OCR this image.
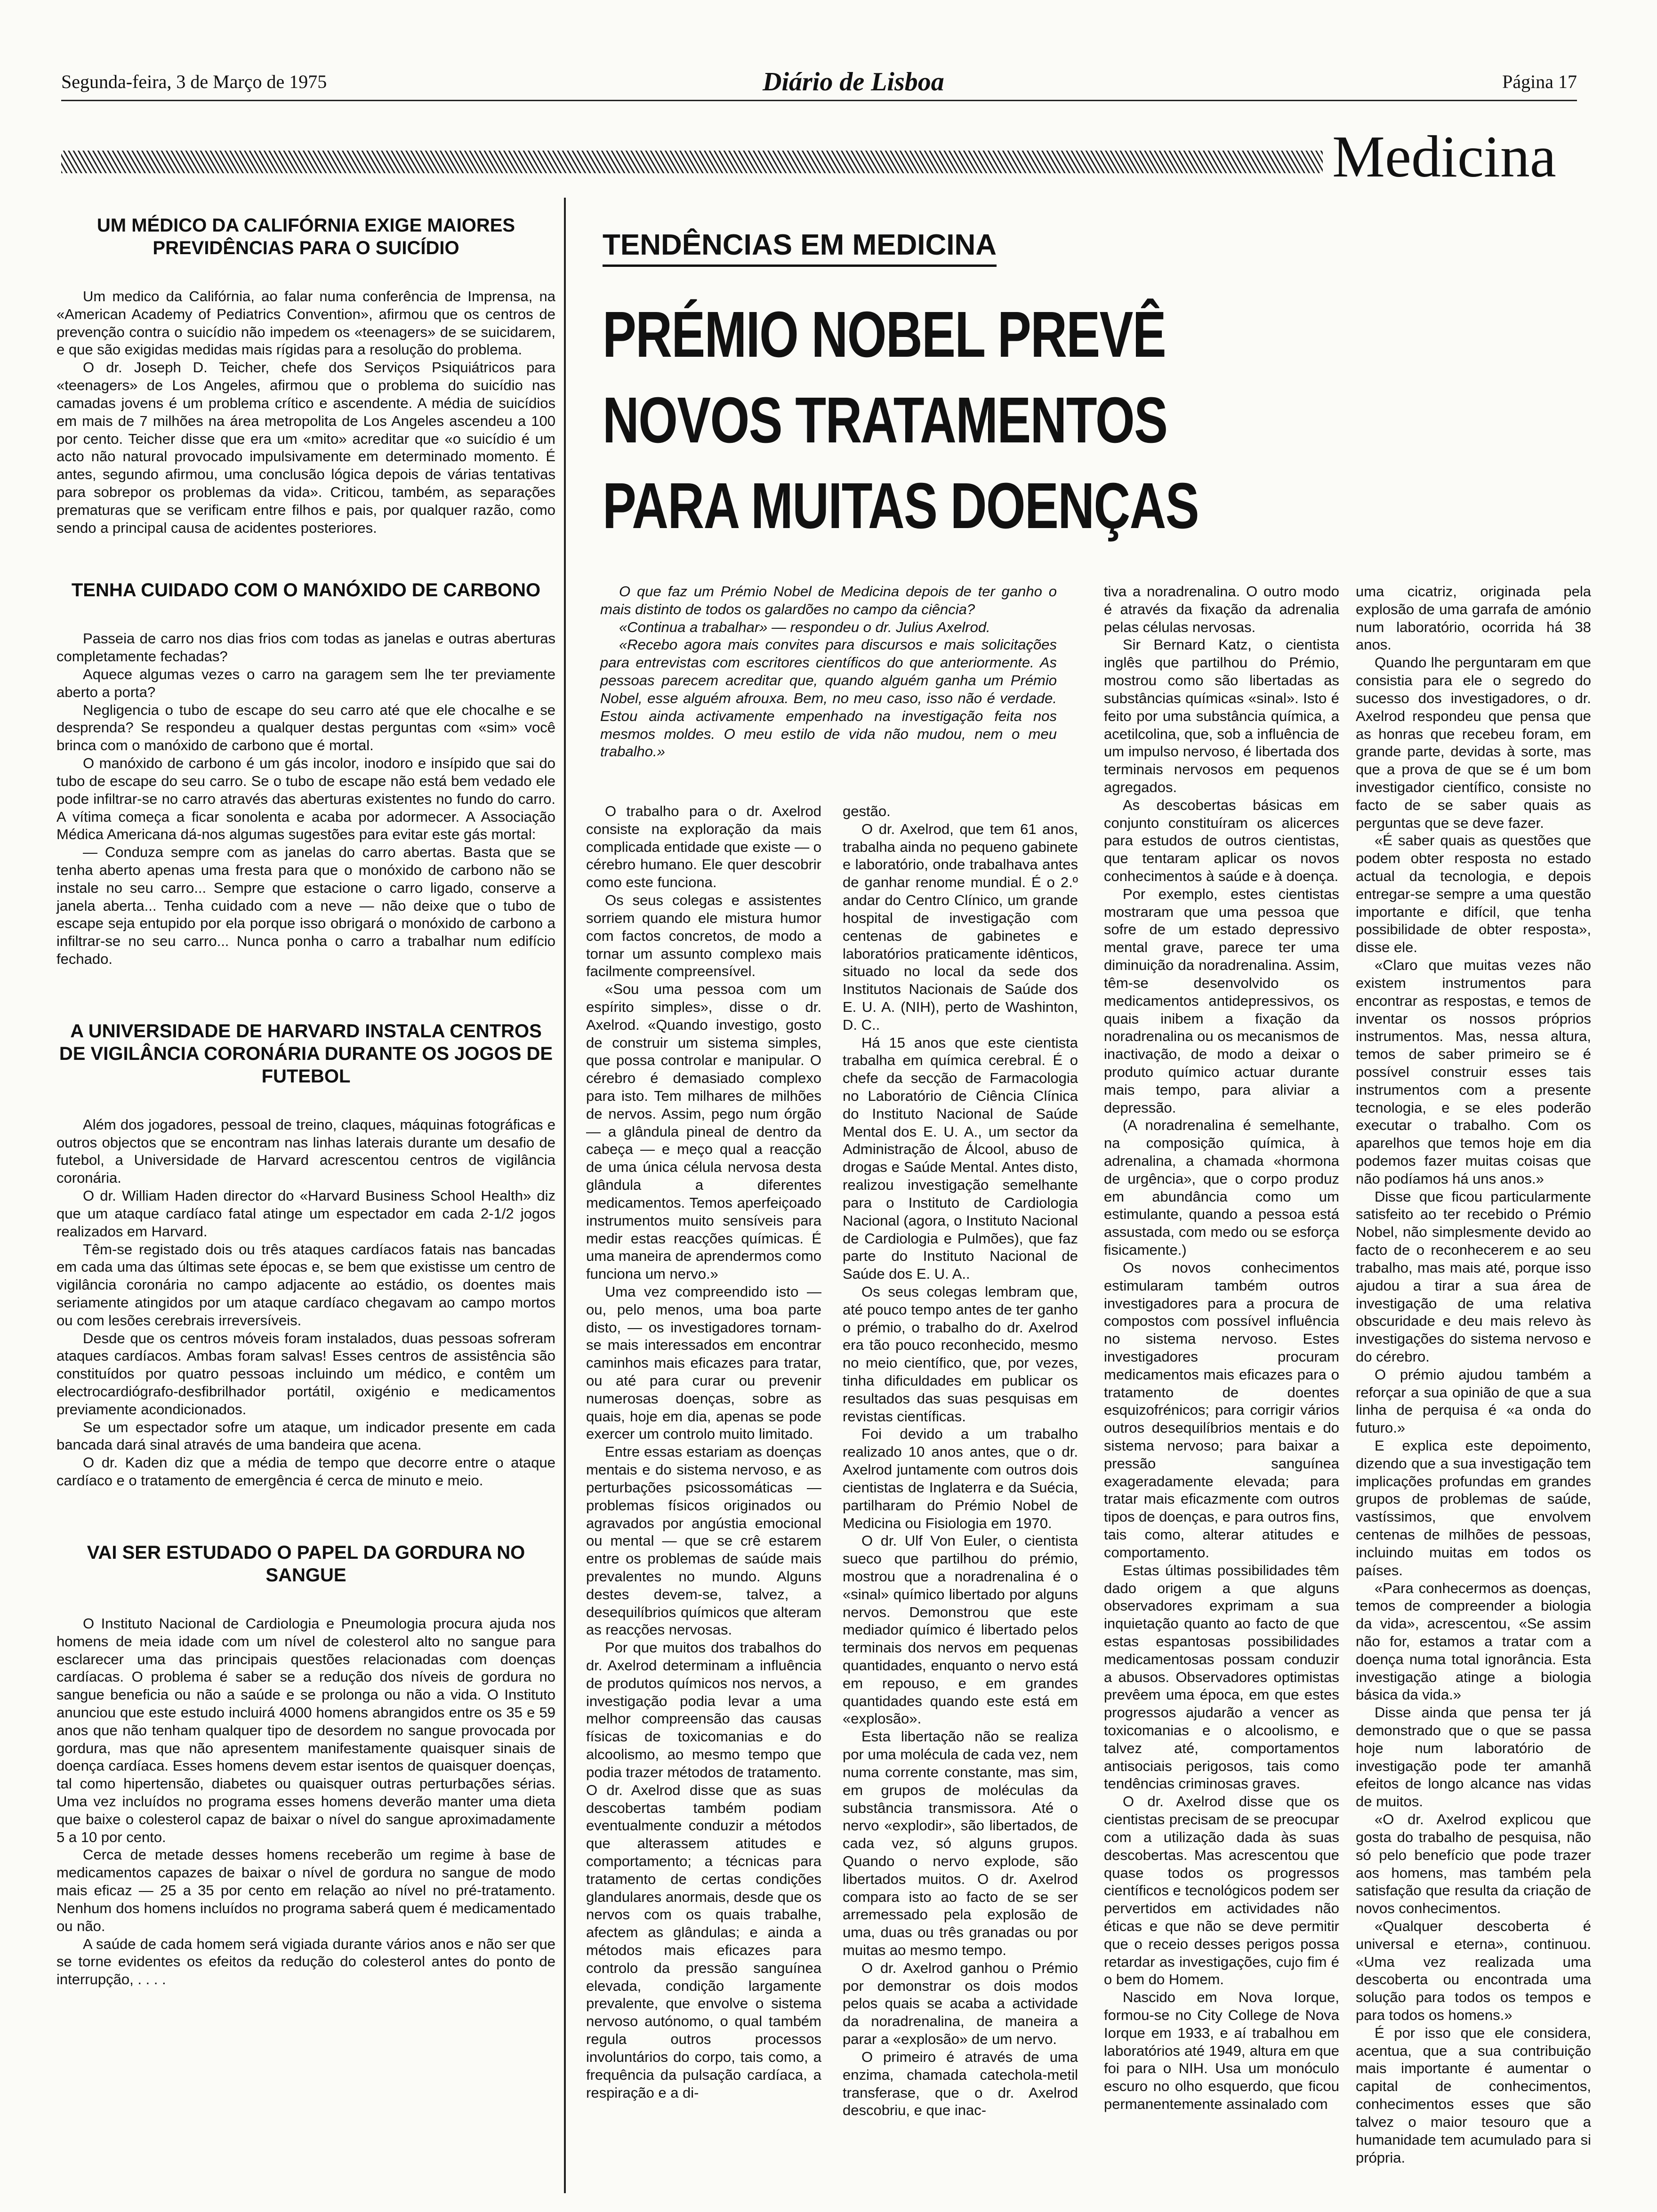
Segunda-feira, 3 de Março de 1975	Diário de Lisboa	Página 17
Medicina
UM MÉDICO DA CALIFÓRNIA EXIGE MAIORES PREVIDÊNCIAS PARA O SUICÍDIO

Um medico da Califórnia, ao falar numa conferência de Imprensa, na «American Academy of Pediatrics Convention», afirmou que os centros de prevenção contra o suicídio não impedem os «teenagers» de se suicidarem, e que são exigidas medidas mais rígidas para a resolução do problema.

O dr. Joseph D. Teicher, chefe dos Serviços Psiquiátricos para «teenagers» de Los Angeles, afirmou que o problema do suicídio nas camadas jovens é um problema crítico e ascendente. A média de suicídios em mais de 7 milhões na área metropolita de Los Angeles ascendeu a 100 por cento. Teicher disse que era um «mito» acreditar que «o suicídio é um acto não natural provocado impulsivamente em determinado momento. É antes, segundo afirmou, uma conclusão lógica depois de várias tentativas para sobrepor os problemas da vida». Criticou, também, as separações prematuras que se verificam entre filhos e pais, por qualquer razão, como sendo a principal causa de acidentes posteriores.

TENHA CUIDADO COM O MANÓXIDO DE CARBONO

Passeia de carro nos dias frios com todas as janelas e outras aberturas completamente fechadas?

Aquece algumas vezes o carro na garagem sem lhe ter previamente aberto a porta?

Negligencia o tubo de escape do seu carro até que ele chocalhe e se desprenda? Se respondeu a qualquer destas perguntas com «sim» você brinca com o manóxido de carbono que é mortal.

O manóxido de carbono é um gás incolor, inodoro e insípido que sai do tubo de escape do seu carro. Se o tubo de escape não está bem vedado ele pode infiltrar-se no carro através das aberturas existentes no fundo do carro. A vítima começa a ficar sonolenta e acaba por adormecer. A Associação Médica Americana dá-nos algumas sugestões para evitar este gás mortal:

— Conduza sempre com as janelas do carro abertas. Basta que se tenha aberto apenas uma fresta para que o monóxido de carbono não se instale no seu carro... Sempre que estacione o carro ligado, conserve a janela aberta... Tenha cuidado com a neve — não deixe que o tubo de escape seja entupido por ela porque isso obrigará o monóxido de carbono a infiltrar-se no seu carro... Nunca ponha o carro a trabalhar num edifício fechado.

A UNIVERSIDADE DE HARVARD INSTALA CENTROS DE VIGILÂNCIA CORONÁRIA DURANTE OS JOGOS DE FUTEBOL

Além dos jogadores, pessoal de treino, claques, máquinas fotográficas e outros objectos que se encontram nas linhas laterais durante um desafio de futebol, a Universidade de Harvard acrescentou centros de vigilância coronária.

O dr. William Haden director do «Harvard Business School Health» diz que um ataque cardíaco fatal atinge um espectador em cada 2-1/2 jogos realizados em Harvard.

Têm-se registado dois ou três ataques cardíacos fatais nas bancadas em cada uma das últimas sete épocas e, se bem que existisse um centro de vigilância coronária no campo adjacente ao estádio, os doentes mais seriamente atingidos por um ataque cardíaco chegavam ao campo mortos ou com lesões cerebrais irreversíveis.

Desde que os centros móveis foram instalados, duas pessoas sofreram ataques cardíacos. Ambas foram salvas! Esses centros de assistência são constituídos por quatro pessoas incluindo um médico, e contêm um electrocardiógrafo-desfibrilhador portátil, oxigénio e medicamentos previamente acondicionados.

Se um espectador sofre um ataque, um indicador presente em cada bancada dará sinal através de uma bandeira que acena.

O dr. Kaden diz que a média de tempo que decorre entre o ataque cardíaco e o tratamento de emergência é cerca de minuto e meio.

VAI SER ESTUDADO O PAPEL DA GORDURA NO SANGUE

O Instituto Nacional de Cardiologia e Pneumologia procura ajuda nos homens de meia idade com um nível de colesterol alto no sangue para esclarecer uma das principais questões relacionadas com doenças cardíacas. O problema é saber se a redução dos níveis de gordura no sangue beneficia ou não a saúde e se prolonga ou não a vida. O Instituto anunciou que este estudo incluirá 4000 homens abrangidos entre os 35 e 59 anos que não tenham qualquer tipo de desordem no sangue provocada por gordura, mas que não apresentem manifestamente quaisquer sinais de doença cardíaca. Esses homens devem estar isentos de quaisquer doenças, tal como hipertensão, diabetes ou quaisquer outras perturbações sérias. Uma vez incluídos no programa esses homens deverão manter uma dieta que baixe o colesterol capaz de baixar o nível do sangue aproximadamente 5 a 10 por cento.

Cerca de metade desses homens receberão um regime à base de medicamentos capazes de baixar o nível de gordura no sangue de modo mais eficaz — 25 a 35 por cento em relação ao nível no pré-tratamento. Nenhum dos homens incluídos no programa saberá quem é medicamentado ou não.

A saúde de cada homem será vigiada durante vários anos e não ser que se torne evidentes os efeitos da redução do colesterol antes do ponto de interrupção, . . . .

TENDÊNCIAS EM MEDICINA
PRÉMIO NOBEL PREVÊ
NOVOS TRATAMENTOS
PARA MUITAS DOENÇAS

O que faz um Prémio Nobel de Medicina depois de ter ganho o mais distinto de todos os galardões no campo da ciência?

«Continua a trabalhar» — respondeu o dr. Julius Axelrod.

«Recebo agora mais convites para discursos e mais solicitações para entrevistas com escritores científicos do que anteriormente. As pessoas parecem acreditar que, quando alguém ganha um Prémio Nobel, esse alguém afrouxa. Bem, no meu caso, isso não é verdade. Estou ainda activamente empenhado na investigação feita nos mesmos moldes. O meu estilo de vida não mudou, nem o meu trabalho.»

O trabalho para o dr. Axelrod consiste na exploração da mais complicada entidade que existe — o cérebro humano. Ele quer descobrir como este funciona.

Os seus colegas e assistentes sorriem quando ele mistura humor com factos concretos, de modo a tornar um assunto complexo mais facilmente compreensível.

«Sou uma pessoa com um espírito simples», disse o dr. Axelrod. «Quando investigo, gosto de construir um sistema simples, que possa controlar e manipular. O cérebro é demasiado complexo para isto. Tem milhares de milhões de nervos. Assim, pego num órgão — a glândula pineal de dentro da cabeça — e meço qual a reacção de uma única célula nervosa desta glândula a diferentes medicamentos. Temos aperfeiçoado instrumentos muito sensíveis para medir estas reacções químicas. É uma maneira de aprendermos como funciona um nervo.»

Uma vez compreendido isto — ou, pelo menos, uma boa parte disto, — os investigadores tornam-se mais interessados em encontrar caminhos mais eficazes para tratar, ou até para curar ou prevenir numerosas doenças, sobre as quais, hoje em dia, apenas se pode exercer um controlo muito limitado.

Entre essas estariam as doenças mentais e do sistema nervoso, e as perturbações psicossomáticas — problemas físicos originados ou agravados por angústia emocional ou mental — que se crê estarem entre os problemas de saúde mais prevalentes no mundo. Alguns destes devem-se, talvez, a desequilíbrios químicos que alteram as reacções nervosas.

Por que muitos dos trabalhos do dr. Axelrod determinam a influência de produtos químicos nos nervos, a investigação podia levar a uma melhor compreensão das causas físicas de toxicomanias e do alcoolismo, ao mesmo tempo que podia trazer métodos de tratamento. O dr. Axelrod disse que as suas descobertas também podiam eventualmente conduzir a métodos que alterassem atitudes e comportamento; a técnicas para tratamento de certas condições glandulares anormais, desde que os nervos com os quais trabalhe, afectem as glândulas; e ainda a métodos mais eficazes para controlo da pressão sanguínea elevada, condição largamente prevalente, que envolve o sistema nervoso autónomo, o qual também regula outros processos involuntários do corpo, tais como, a frequência da pulsação cardíaca, a respiração e a di-

gestão.

O dr. Axelrod, que tem 61 anos, trabalha ainda no pequeno gabinete e laboratório, onde trabalhava antes de ganhar renome mundial. É o 2.º andar do Centro Clínico, um grande hospital de investigação com centenas de gabinetes e laboratórios praticamente idênticos, situado no local da sede dos Institutos Nacionais de Saúde dos E. U. A. (NIH), perto de Washinton, D. C..

Há 15 anos que este cientista trabalha em química cerebral. É o chefe da secção de Farmacologia no Laboratório de Ciência Clínica do Instituto Nacional de Saúde Mental dos E. U. A., um sector da Administração de Álcool, abuso de drogas e Saúde Mental. Antes disto, realizou investigação semelhante para o Instituto de Cardiologia Nacional (agora, o Instituto Nacional de Cardiologia e Pulmões), que faz parte do Instituto Nacional de Saúde dos E. U. A..

Os seus colegas lembram que, até pouco tempo antes de ter ganho o prémio, o trabalho do dr. Axelrod era tão pouco reconhecido, mesmo no meio científico, que, por vezes, tinha dificuldades em publicar os resultados das suas pesquisas em revistas científicas.

Foi devido a um trabalho realizado 10 anos antes, que o dr. Axelrod juntamente com outros dois cientistas de Inglaterra e da Suécia, partilharam do Prémio Nobel de Medicina ou Fisiologia em 1970.

O dr. Ulf Von Euler, o cientista sueco que partilhou do prémio, mostrou que a noradrenalina é o «sinal» químico libertado por alguns nervos. Demonstrou que este mediador químico é libertado pelos terminais dos nervos em pequenas quantidades, enquanto o nervo está em repouso, e em grandes quantidades quando este está em «explosão».

Esta libertação não se realiza por uma molécula de cada vez, nem numa corrente constante, mas sim, em grupos de moléculas da substância transmissora. Até o nervo «explodir», são libertados, de cada vez, só alguns grupos. Quando o nervo explode, são libertados muitos. O dr. Axelrod compara isto ao facto de se ser arremessado pela explosão de uma, duas ou três granadas ou por muitas ao mesmo tempo.

O dr. Axelrod ganhou o Prémio por demonstrar os dois modos pelos quais se acaba a actividade da noradrenalina, de maneira a parar a «explosão» de um nervo.

O primeiro é através de uma enzima, chamada catechola-metil transferase, que o dr. Axelrod descobriu, e que inac-

tiva a noradrenalina. O outro modo é através da fixação da adrenalia pelas células nervosas.

Sir Bernard Katz, o cientista inglês que partilhou do Prémio, mostrou como são libertadas as substâncias químicas «sinal». Isto é feito por uma substância química, a acetilcolina, que, sob a influência de um impulso nervoso, é libertada dos terminais nervosos em pequenos agregados.

As descobertas básicas em conjunto constituíram os alicerces para estudos de outros cientistas, que tentaram aplicar os novos conhecimentos à saúde e à doença.

Por exemplo, estes cientistas mostraram que uma pessoa que sofre de um estado depressivo mental grave, parece ter uma diminuição da noradrenalina. Assim, têm-se desenvolvido os medicamentos antidepressivos, os quais inibem a fixação da noradrenalina ou os mecanismos de inactivação, de modo a deixar o produto químico actuar durante mais tempo, para aliviar a depressão.

(A noradrenalina é semelhante, na composição química, à adrenalina, a chamada «hormona de urgência», que o corpo produz em abundância como um estimulante, quando a pessoa está assustada, com medo ou se esforça fisicamente.)

Os novos conhecimentos estimularam também outros investigadores para a procura de compostos com possível influência no sistema nervoso. Estes investigadores procuram medicamentos mais eficazes para o tratamento de doentes esquizofrénicos; para corrigir vários outros desequilíbrios mentais e do sistema nervoso; para baixar a pressão sanguínea exageradamente elevada; para tratar mais eficazmente com outros tipos de doenças, e para outros fins, tais como, alterar atitudes e comportamento.

Estas últimas possibilidades têm dado origem a que alguns observadores exprimam a sua inquietação quanto ao facto de que estas espantosas possibilidades medicamentosas possam conduzir a abusos. Observadores optimistas prevêem uma época, em que estes progressos ajudarão a vencer as toxicomanias e o alcoolismo, e talvez até, comportamentos antisociais perigosos, tais como tendências criminosas graves.

O dr. Axelrod disse que os cientistas precisam de se preocupar com a utilização dada às suas descobertas. Mas acrescentou que quase todos os progressos científicos e tecnológicos podem ser pervertidos em actividades não éticas e que não se deve permitir que o receio desses perigos possa retardar as investigações, cujo fim é o bem do Homem.

Nascido em Nova Iorque, formou-se no City College de Nova Iorque em 1933, e aí trabalhou em laboratórios até 1949, altura em que foi para o NIH. Usa um monóculo escuro no olho esquerdo, que ficou permanentemente assinalado com

uma cicatriz, originada pela explosão de uma garrafa de amónio num laboratório, ocorrida há 38 anos.

Quando lhe perguntaram em que consistia para ele o segredo do sucesso dos investigadores, o dr. Axelrod respondeu que pensa que as honras que recebeu foram, em grande parte, devidas à sorte, mas que a prova de que se é um bom investigador científico, consiste no facto de se saber quais as perguntas que se deve fazer.

«É saber quais as questões que podem obter resposta no estado actual da tecnologia, e depois entregar-se sempre a uma questão importante e difícil, que tenha possibilidade de obter resposta», disse ele.

«Claro que muitas vezes não existem instrumentos para encontrar as respostas, e temos de inventar os nossos próprios instrumentos. Mas, nessa altura, temos de saber primeiro se é possível construir esses tais instrumentos com a presente tecnologia, e se eles poderão executar o trabalho. Com os aparelhos que temos hoje em dia podemos fazer muitas coisas que não podíamos há uns anos.»

Disse que ficou particularmente satisfeito ao ter recebido o Prémio Nobel, não simplesmente devido ao facto de o reconhecerem e ao seu trabalho, mas mais até, porque isso ajudou a tirar a sua área de investigação de uma relativa obscuridade e deu mais relevo às investigações do sistema nervoso e do cérebro.

O prémio ajudou também a reforçar a sua opinião de que a sua linha de perquisa é «a onda do futuro.»

E explica este depoimento, dizendo que a sua investigação tem implicações profundas em grandes grupos de problemas de saúde, vastíssimos, que envolvem centenas de milhões de pessoas, incluindo muitas em todos os países.

«Para conhecermos as doenças, temos de compreender a biologia da vida», acrescentou, «Se assim não for, estamos a tratar com a doença numa total ignorância. Esta investigação atinge a biologia básica da vida.»

Disse ainda que pensa ter já demonstrado que o que se passa hoje num laboratório de investigação pode ter amanhã efeitos de longo alcance nas vidas de muitos.

«O dr. Axelrod explicou que gosta do trabalho de pesquisa, não só pelo benefício que pode trazer aos homens, mas também pela satisfação que resulta da criação de novos conhecimentos.

«Qualquer descoberta é universal e eterna», continuou. «Uma vez realizada uma descoberta ou encontrada uma solução para todos os tempos e para todos os homens.»

É por isso que ele considera, acentua, que a sua contribuição mais importante é aumentar o capital de conhecimentos, conhecimentos esses que são talvez o maior tesouro que a humanidade tem acumulado para si própria.
